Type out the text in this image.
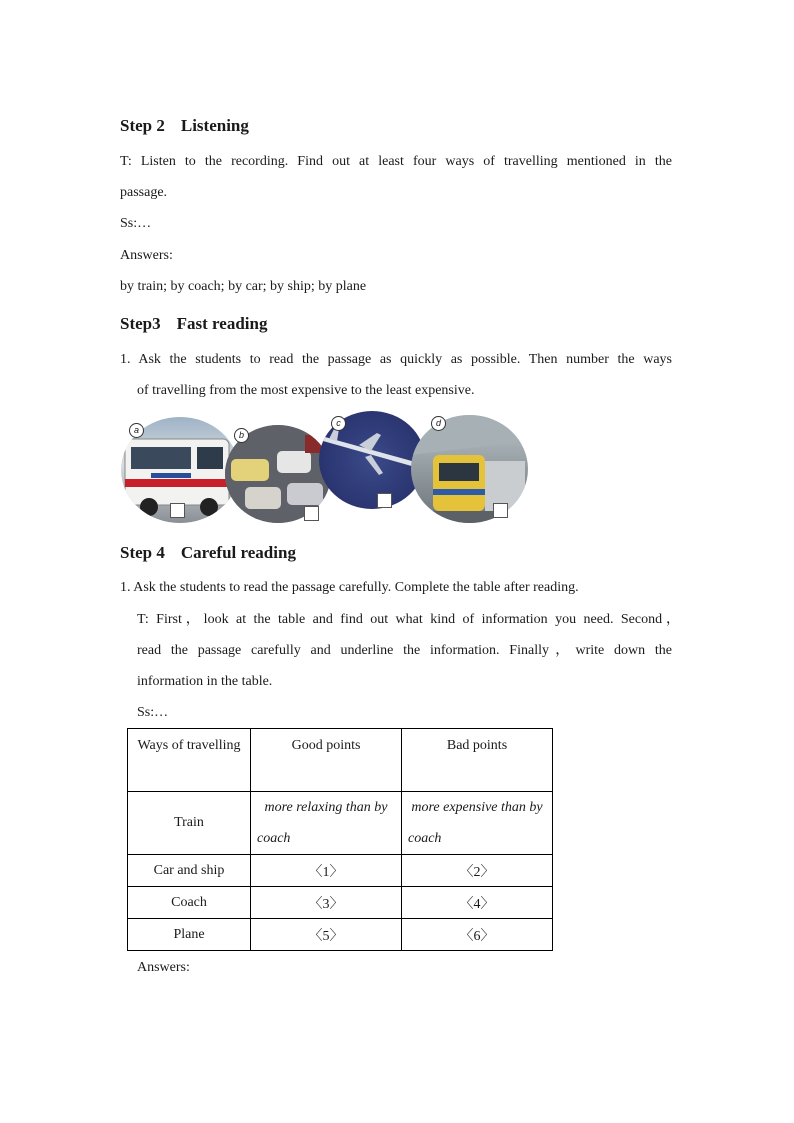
Step 2 Listening
T: Listen to the recording. Find out at least four ways of travelling mentioned in the
passage.
Ss:…
Answers:
by train; by coach; by car; by ship; by plane
Step3 Fast reading
1. Ask the students to read the passage as quickly as possible. Then number the ways
of travelling from the most expensive to the least expensive.
a	b
c	d
Step 4 Careful reading
1. Ask the students to read the passage carefully. Complete the table after reading.
T: First，look at the table and find out what kind of information you need. Second，
read the passage carefully and underline the information. Finally，write down the
information in the table.
Ss:…
Ways of travelling	Good points	Bad points
Train	more relaxing than by coach	more expensive than by coach
Car and ship	〈1〉	〈2〉
Coach	〈3〉	〈4〉
Plane	〈5〉	〈6〉
Answers:
